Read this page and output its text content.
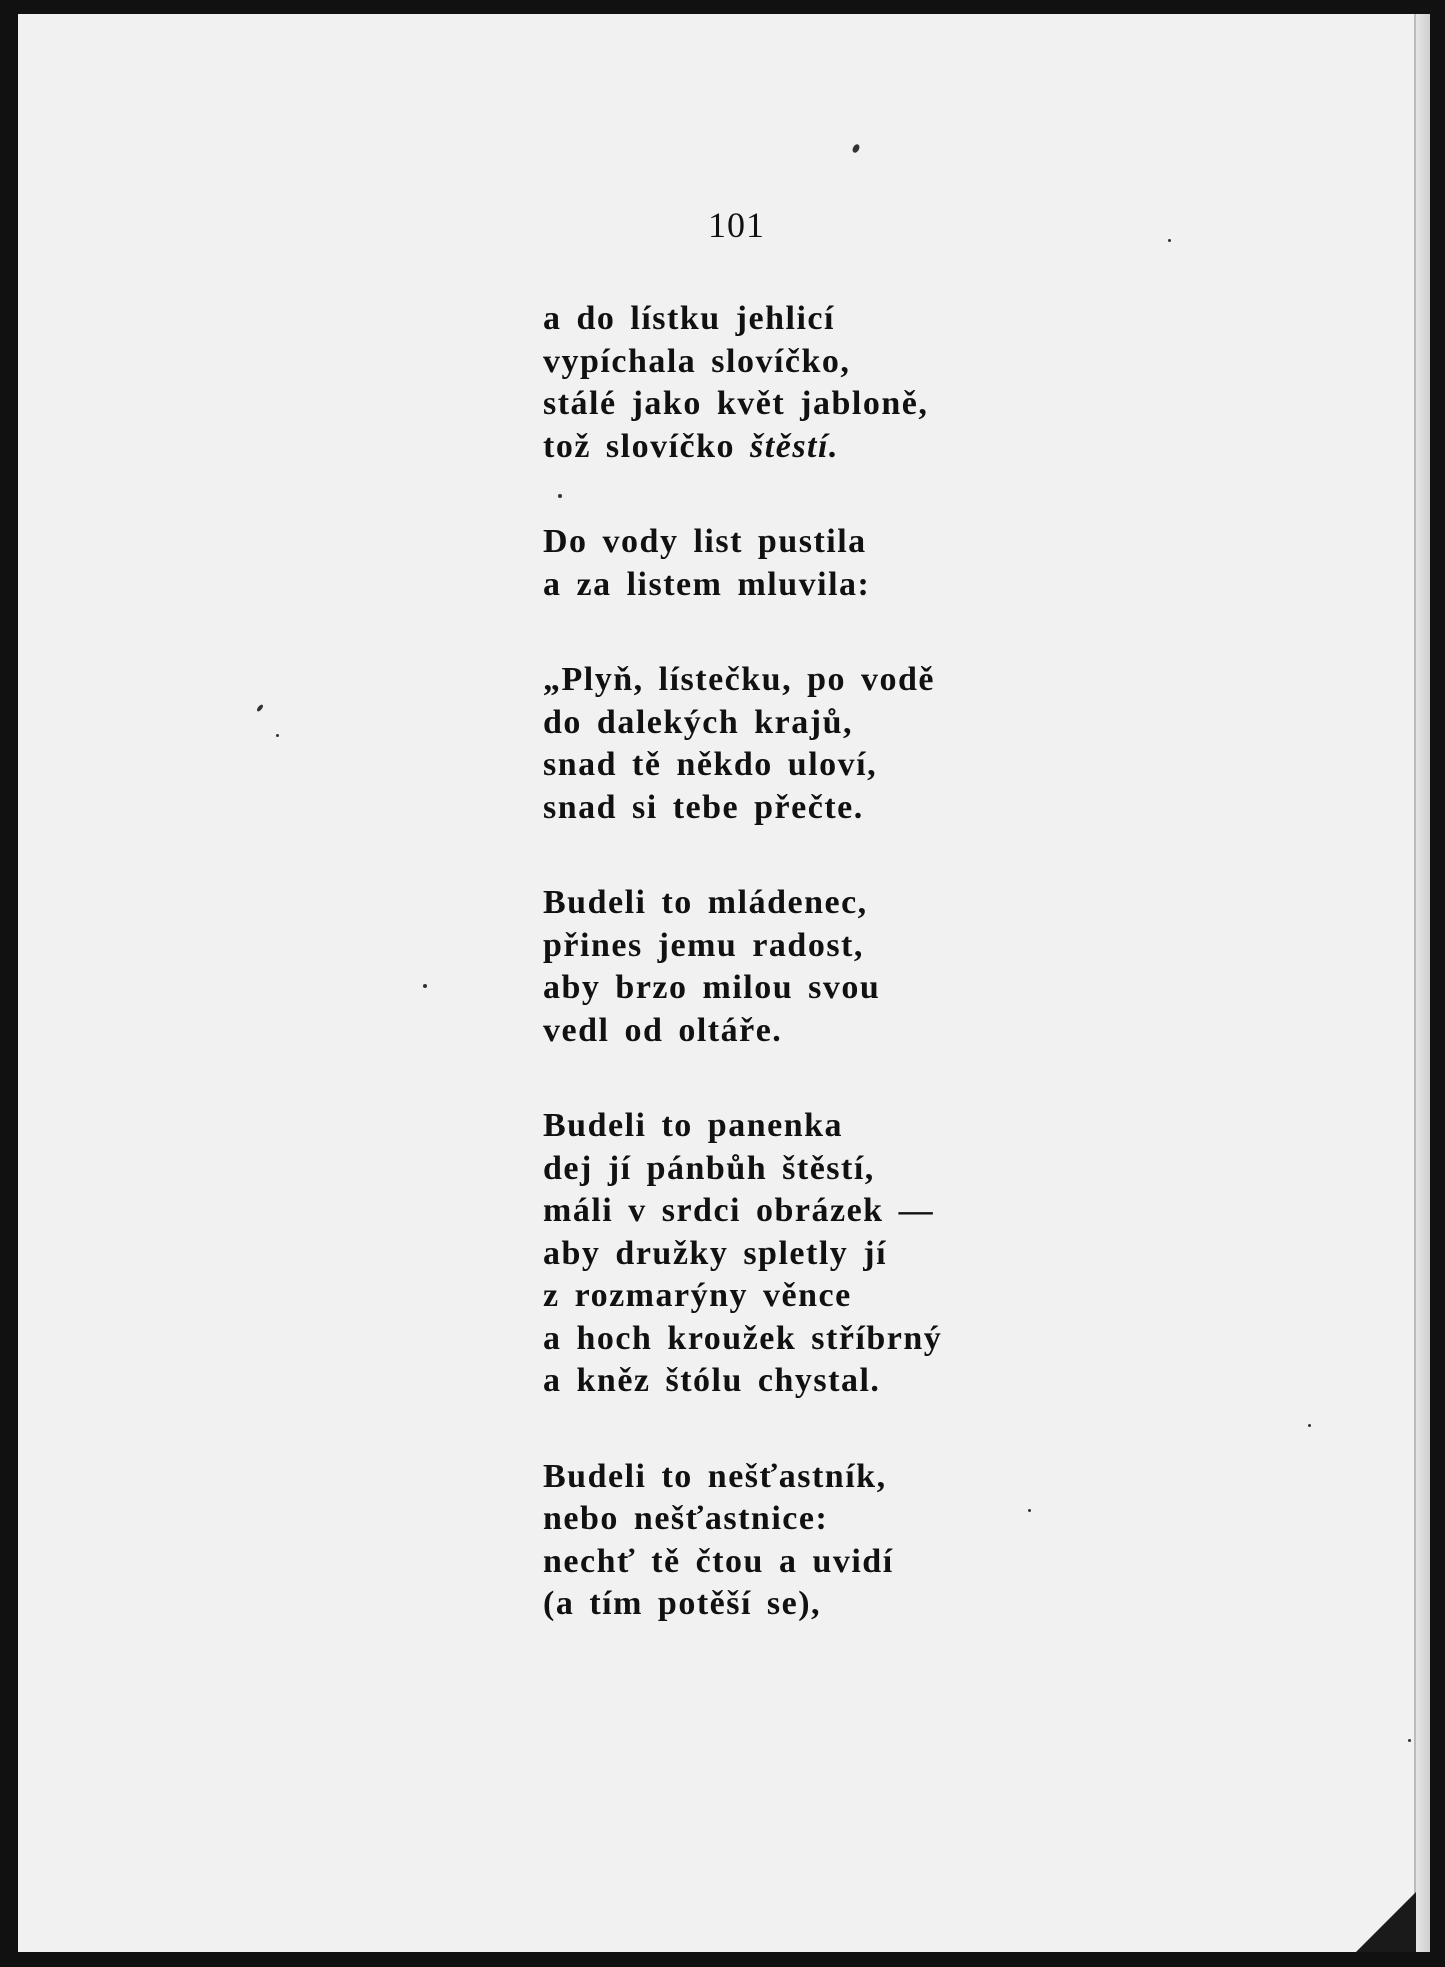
101
a do lístku jehlicí
vypíchala slovíčko,
stálé jako květ jabloně,
tož slovíčko štěstí.
Do vody list pustila
a za listem mluvila:
„Plyň, lístečku, po vodě
do dalekých krajů,
snad tě někdo uloví,
snad si tebe přečte.
Budeli to mládenec,
přines jemu radost,
aby brzo milou svou
vedl od oltáře.
Budeli to panenka
dej jí pánbůh štěstí,
máli v srdci obrázek —
aby družky spletly jí
z rozmarýny věnce
a hoch kroužek stříbrný
a kněz štólu chystal.
Budeli to nešťastník,
nebo nešťastnice:
nechť tě čtou a uvidí
(a tím potěší se),
